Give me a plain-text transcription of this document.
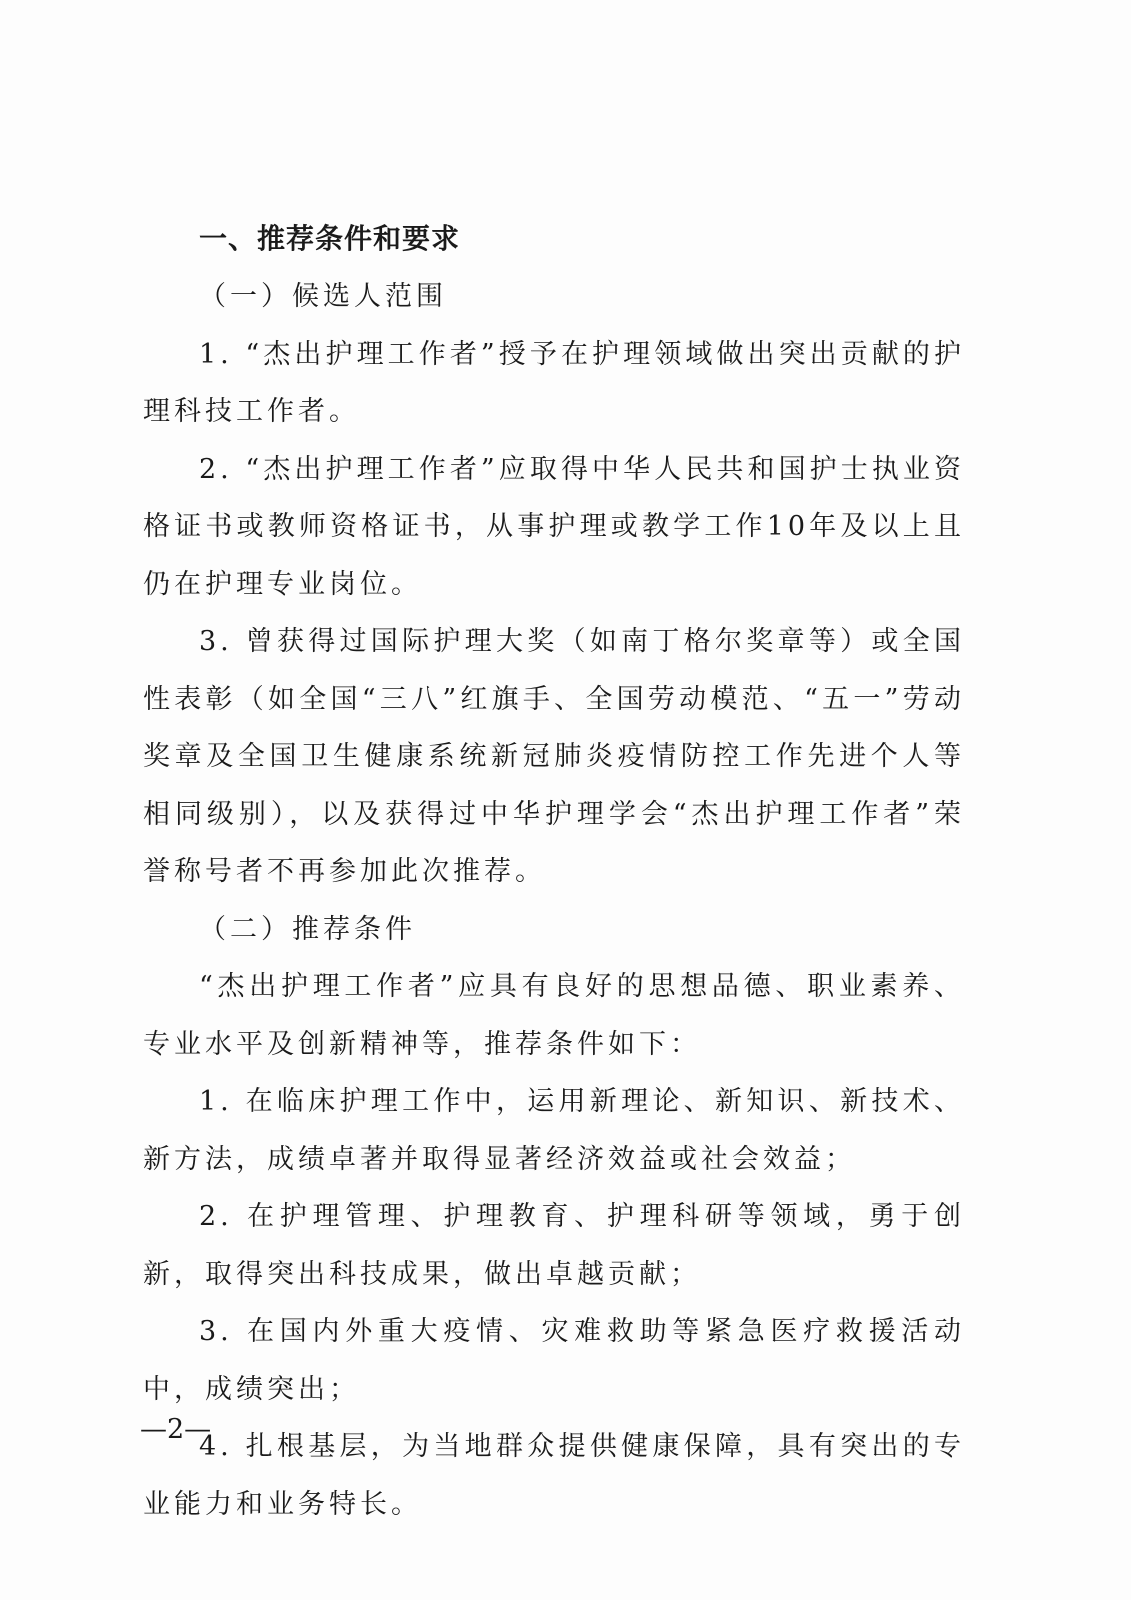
一、推荐条件和要求

（一）候选人范围

1. “杰出护理工作者”授予在护理领域做出突出贡献的护理科技工作者。

2. “杰出护理工作者”应取得中华人民共和国护士执业资格证书或教师资格证书，从事护理或教学工作10年及以上且仍在护理专业岗位。

3. 曾获得过国际护理大奖（如南丁格尔奖章等）或全国性表彰（如全国“三八”红旗手、全国劳动模范、“五一”劳动奖章及全国卫生健康系统新冠肺炎疫情防控工作先进个人等相同级别），以及获得过中华护理学会“杰出护理工作者”荣誉称号者不再参加此次推荐。

（二）推荐条件

“杰出护理工作者”应具有良好的思想品德、职业素养、专业水平及创新精神等，推荐条件如下：

1. 在临床护理工作中，运用新理论、新知识、新技术、新方法，成绩卓著并取得显著经济效益或社会效益；

2. 在护理管理、护理教育、护理科研等领域，勇于创新，取得突出科技成果，做出卓越贡献；

3. 在国内外重大疫情、灾难救助等紧急医疗救援活动中，成绩突出；

4. 扎根基层，为当地群众提供健康保障，具有突出的专业能力和业务特长。

—2—
